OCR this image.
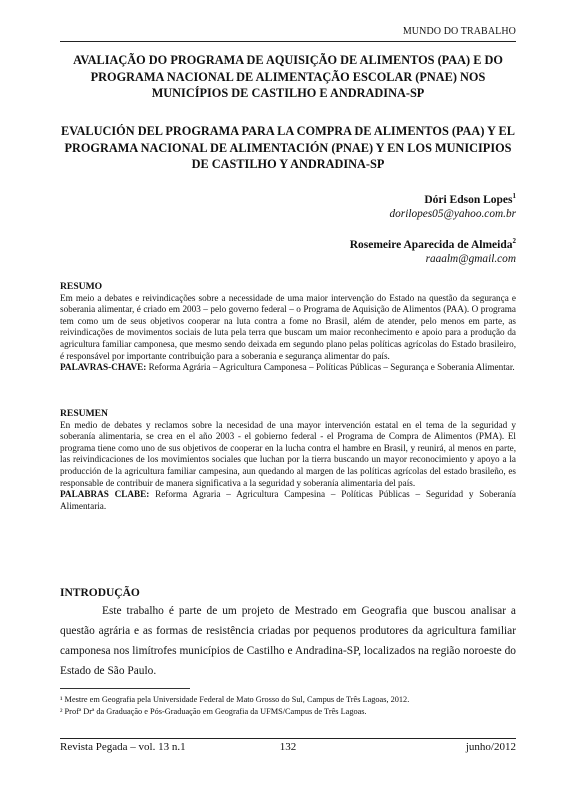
MUNDO DO TRABALHO
AVALIAÇÃO DO PROGRAMA DE AQUISIÇÃO DE ALIMENTOS (PAA) E DO PROGRAMA NACIONAL DE ALIMENTAÇÃO ESCOLAR (PNAE) NOS MUNICÍPIOS DE CASTILHO E ANDRADINA-SP
EVALUCIÓN DEL PROGRAMA PARA LA COMPRA DE ALIMENTOS (PAA) Y EL PROGRAMA NACIONAL DE ALIMENTACIÓN (PNAE) Y EN LOS MUNICIPIOS DE CASTILHO Y ANDRADINA-SP
Dóri Edson Lopes$^1$
dorilopes05@yahoo.com.br
Rosemeire Aparecida de Almeida$^2$
raaalm@gmail.com
RESUMO

Em meio a debates e reivindicações sobre a necessidade de uma maior intervenção do Estado na questão da segurança e soberania alimentar, é criado em 2003 – pelo governo federal – o Programa de Aquisição de Alimentos (PAA). O programa tem como um de seus objetivos cooperar na luta contra a fome no Brasil, além de atender, pelo menos em parte, as reivindicações de movimentos sociais de luta pela terra que buscam um maior reconhecimento e apoio para a produção da agricultura familiar camponesa, que mesmo sendo deixada em segundo plano pelas políticas agrícolas do Estado brasileiro, é responsável por importante contribuição para a soberania e segurança alimentar do país.

PALAVRAS-CHAVE: Reforma Agrária – Agricultura Camponesa – Políticas Públicas – Segurança e Soberania Alimentar.

RESUMEN

En medio de debates y reclamos sobre la necesidad de una mayor intervención estatal en el tema de la seguridad y soberanía alimentaria, se crea en el año 2003 - el gobierno federal - el Programa de Compra de Alimentos (PMA). El programa tiene como uno de sus objetivos de cooperar en la lucha contra el hambre en Brasil, y reunirá, al menos en parte, las reivindicaciones de los movimientos sociales que luchan por la tierra buscando un mayor reconocimiento y apoyo a la producción de la agricultura familiar campesina, aun quedando al margen de las políticas agrícolas del estado brasileño, es responsable de contribuir de manera significativa a la seguridad y soberanía alimentaria del país.

PALABRAS CLABE: Reforma Agraria – Agricultura Campesina – Políticas Públicas – Seguridad y Soberanía Alimentaria.

INTRODUÇÃO

Este trabalho é parte de um projeto de Mestrado em Geografia que buscou analisar a questão agrária e as formas de resistência criadas por pequenos produtores da agricultura familiar camponesa nos limítrofes municípios de Castilho e Andradina-SP, localizados na região noroeste do Estado de São Paulo.

¹ Mestre em Geografia pela Universidade Federal de Mato Grosso do Sul, Campus de Três Lagoas, 2012.
² Profª Drª da Graduação e Pós-Graduação em Geografia da UFMS/Campus de Três Lagoas.
Revista Pegada – vol. 13 n.1	132	junho/2012
